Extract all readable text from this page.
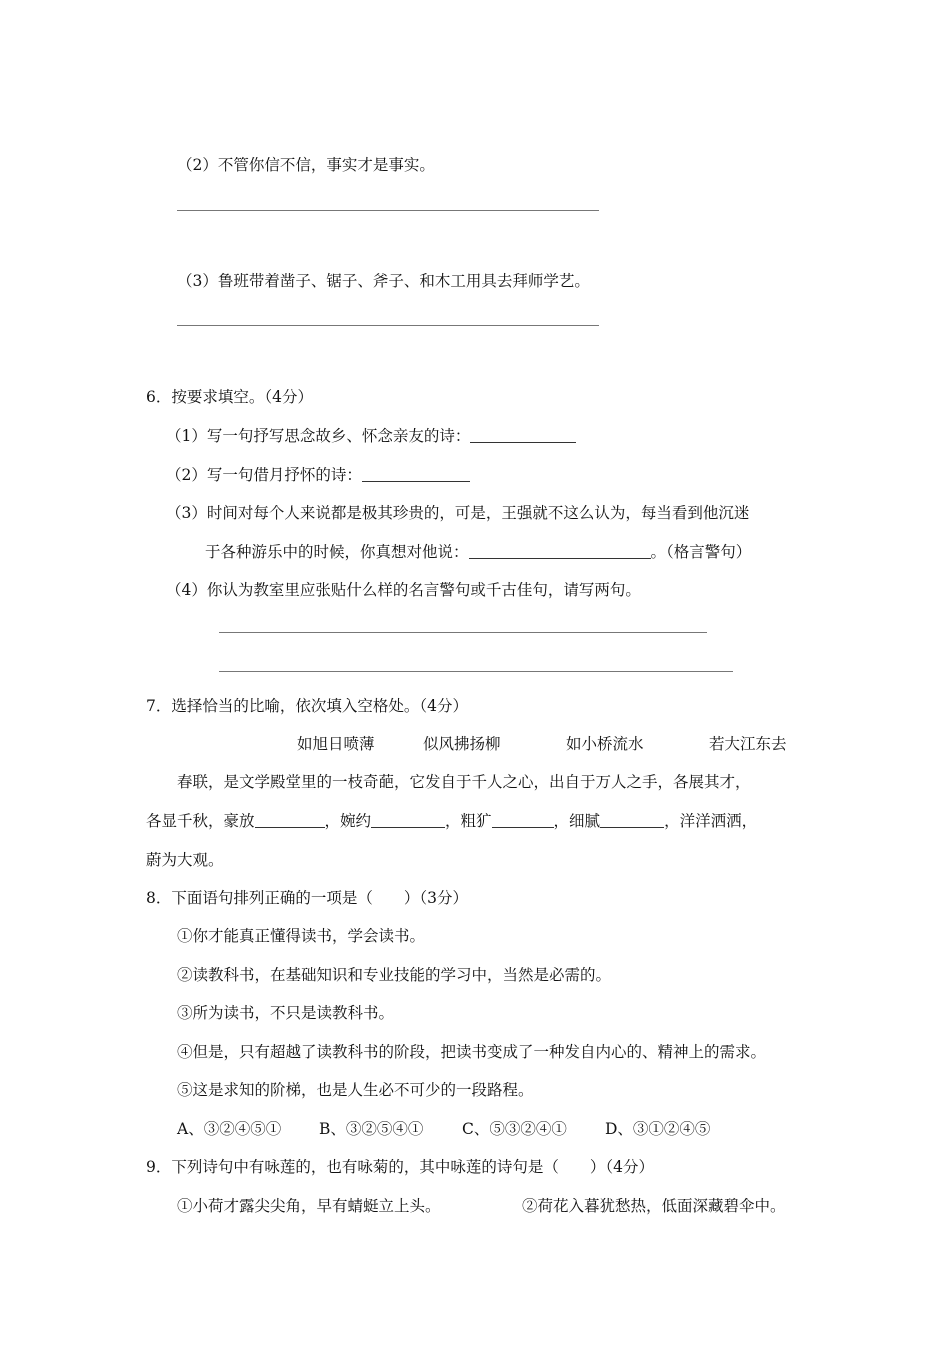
（2）不管你信不信，事实才是事实。
（3）鲁班带着凿子、锯子、斧子、和木工用具去拜师学艺。
6．按要求填空。（4分）
（1）写一句抒写思念故乡、怀念亲友的诗：
（2）写一句借月抒怀的诗：
（3）时间对每个人来说都是极其珍贵的，可是，王强就不这么认为，每当看到他沉迷
于各种游乐中的时候，你真想对他说：	。（格言警句）
（4）你认为教室里应张贴什么样的名言警句或千古佳句，请写两句。
7．选择恰当的比喻，依次填入空格处。（4分）
如旭日喷薄	似风拂扬柳	如小桥流水	若大江东去
春联，是文学殿堂里的一枝奇葩，它发自于千人之心，出自于万人之手，各展其才，
各显千秋，豪放	，婉约	，粗犷	，细腻	，洋洋洒洒，
蔚为大观。
8．下面语句排列正确的一项是（　　）（3分）
①你才能真正懂得读书，学会读书。
②读教科书，在基础知识和专业技能的学习中，当然是必需的。
③所为读书，不只是读教科书。
④但是，只有超越了读教科书的阶段，把读书变成了一种发自内心的、精神上的需求。
⑤这是求知的阶梯，也是人生必不可少的一段路程。
A、③②④⑤① B、③②⑤④① C、⑤③②④① D、③①②④⑤
9．下列诗句中有咏莲的，也有咏菊的，其中咏莲的诗句是（　　）（4分）
①小荷才露尖尖角，早有蜻蜓立上头。	②荷花入暮犹愁热，低面深藏碧伞中。
